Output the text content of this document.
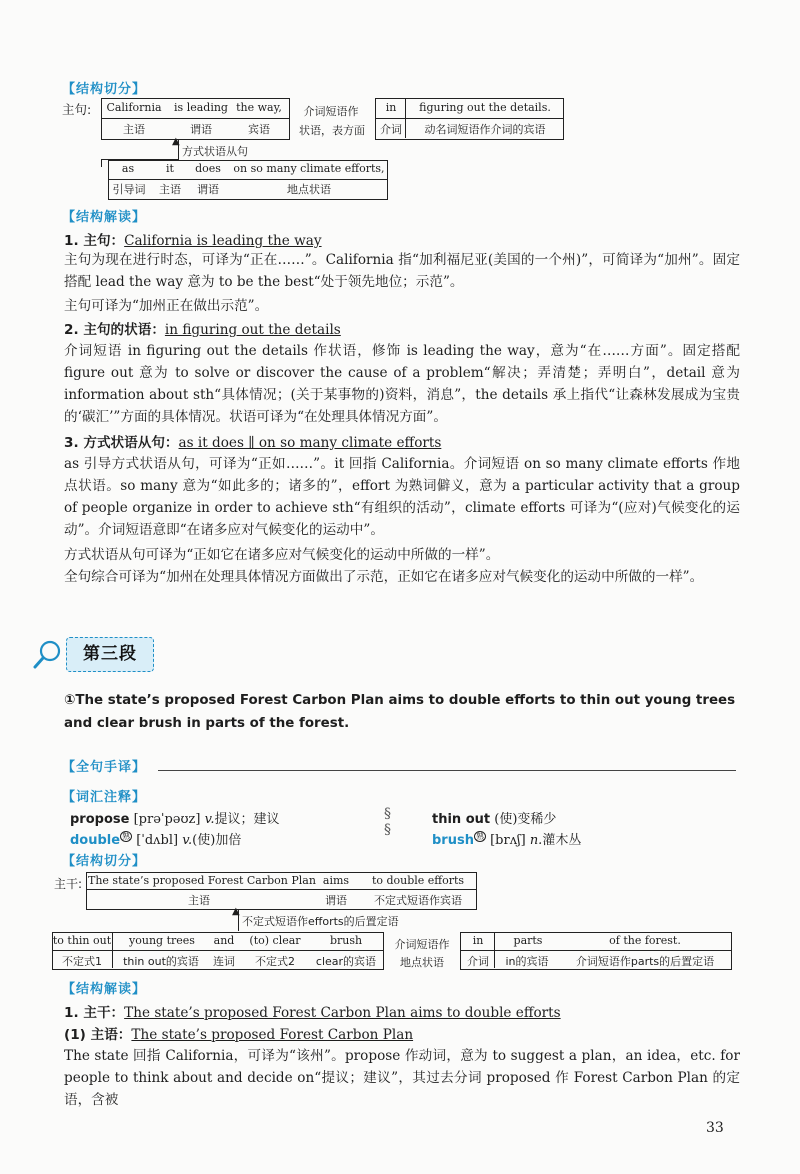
【结构切分】
主句: California	is leading the way,
主语	谓语	宾语
介词短语作
状语，表方面
in	figuring out the details.
介词	动名词短语作介词的宾语
▲
方式状语从句
as	it	does	on so many climate efforts,
引导词	主语	谓语	地点状语
【结构解读】
1. 主句：California is leading the way
主句为现在进行时态，可译为“正在……”。California 指“加利福尼亚(美国的一个州)”，可简译为“加州”。固定搭配 lead the way 意为 to be the best“处于领先地位；示范”。
主句可译为“加州正在做出示范”。
2. 主句的状语：in figuring out the details
介词短语 in figuring out the details 作状语，修饰 is leading the way，意为“在……方面”。固定搭配 figure out 意为 to solve or discover the cause of a problem“解决；弄清楚；弄明白”，detail 意为 information about sth“具体情况；(关于某事物的)资料，消息”，the details 承上指代“让森林发展成为宝贵的‘碳汇’”方面的具体情况。状语可译为“在处理具体情况方面”。
3. 方式状语从句：as it does ∥ on so many climate efforts
as 引导方式状语从句，可译为“正如……”。it 回指 California。介词短语 on so many climate efforts 作地点状语。so many 意为“如此多的；诸多的”，effort 为熟词僻义，意为 a particular activity that a group of people organize in order to achieve sth“有组织的活动”，climate efforts 可译为“(应对)气候变化的运动”。介词短语意即“在诸多应对气候变化的运动中”。
方式状语从句可译为“正如它在诸多应对气候变化的运动中所做的一样”。
全句综合可译为“加州在处理具体情况方面做出了示范，正如它在诸多应对气候变化的运动中所做的一样”。
第三段
①The state’s proposed Forest Carbon Plan aims to double efforts to thin out young trees and clear brush in parts of the forest.
【全句手译】
【词汇注释】
propose [prəˈpəʊz] v.提议；建议
double $^熟$ [ˈdʌbl] v.(使)加倍
§
§
thin out (使)变稀少
brush $^熟$ [brʌʃ] n.灌木丛
【结构切分】
主干: The state’s proposed Forest Carbon Plan aims	to double efforts
主语	谓语	不定式短语作宾语
▲
不定式短语作efforts的后置定语
to thin out	young trees	and	(to) clear	brush
不定式1	thin out的宾语	连词	不定式2	clear的宾语
介词短语作
地点状语
in	parts	of the forest.
介词	in的宾语	介词短语作parts的后置定语
【结构解读】
1. 主干：The state’s proposed Forest Carbon Plan aims to double efforts
(1) 主语：The state’s proposed Forest Carbon Plan
The state 回指 California，可译为“该州”。propose 作动词，意为 to suggest a plan，an idea，etc. for people to think about and decide on“提议；建议”，其过去分词 proposed 作 Forest Carbon Plan 的定语，含被
33
